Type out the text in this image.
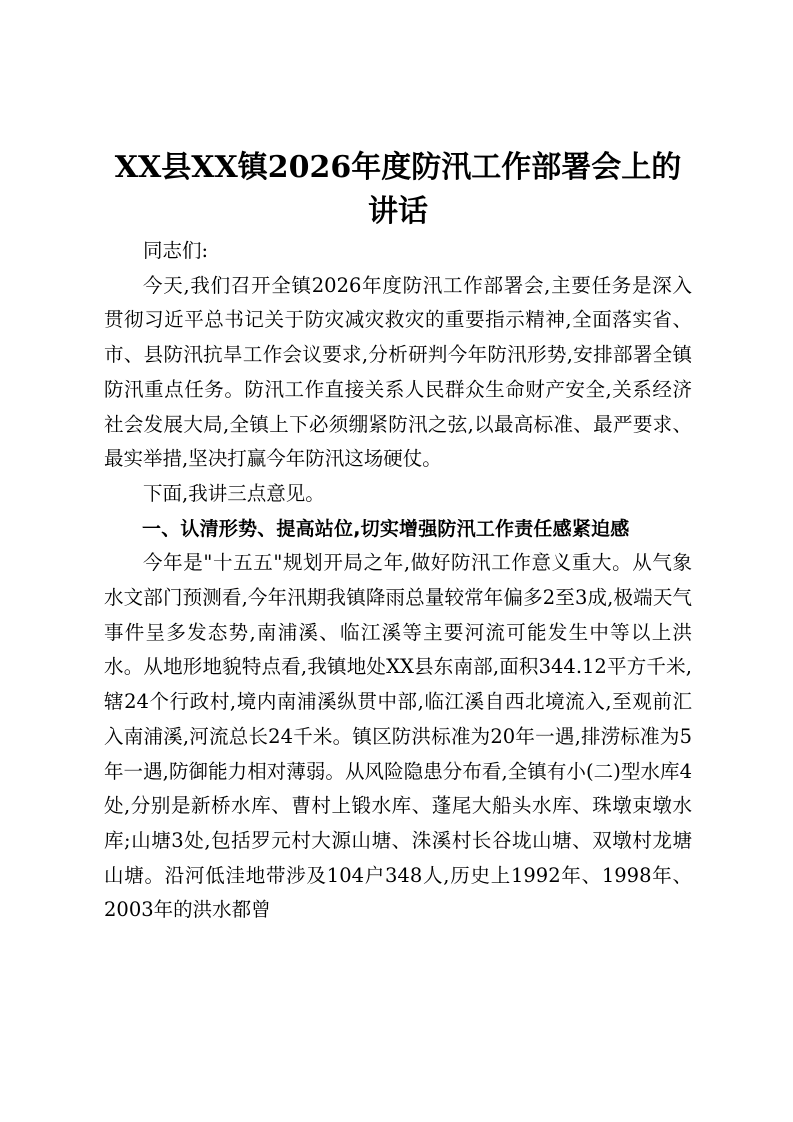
XX县XX镇2026年度防汛工作部署会上的讲话

同志们:

今天,我们召开全镇2026年度防汛工作部署会,主要任务是深入贯彻习近平总书记关于防灾减灾救灾的重要指示精神,全面落实省、市、县防汛抗旱工作会议要求,分析研判今年防汛形势,安排部署全镇防汛重点任务。防汛工作直接关系人民群众生命财产安全,关系经济社会发展大局,全镇上下必须绷紧防汛之弦,以最高标准、最严要求、最实举措,坚决打赢今年防汛这场硬仗。

下面,我讲三点意见。

一、认清形势、提高站位,切实增强防汛工作责任感紧迫感

今年是"十五五"规划开局之年,做好防汛工作意义重大。从气象水文部门预测看,今年汛期我镇降雨总量较常年偏多2至3成,极端天气事件呈多发态势,南浦溪、临江溪等主要河流可能发生中等以上洪水。从地形地貌特点看,我镇地处XX县东南部,面积344.12平方千米,辖24个行政村,境内南浦溪纵贯中部,临江溪自西北境流入,至观前汇入南浦溪,河流总长24千米。镇区防洪标准为20年一遇,排涝标准为5年一遇,防御能力相对薄弱。从风险隐患分布看,全镇有小(二)型水库4处,分别是新桥水库、曹村上锻水库、蓬尾大船头水库、珠墩束墩水库;山塘3处,包括罗元村大源山塘、洙溪村长谷垅山塘、双墩村龙塘山塘。沿河低洼地带涉及104户348人,历史上1992年、1998年、2003年的洪水都曾
